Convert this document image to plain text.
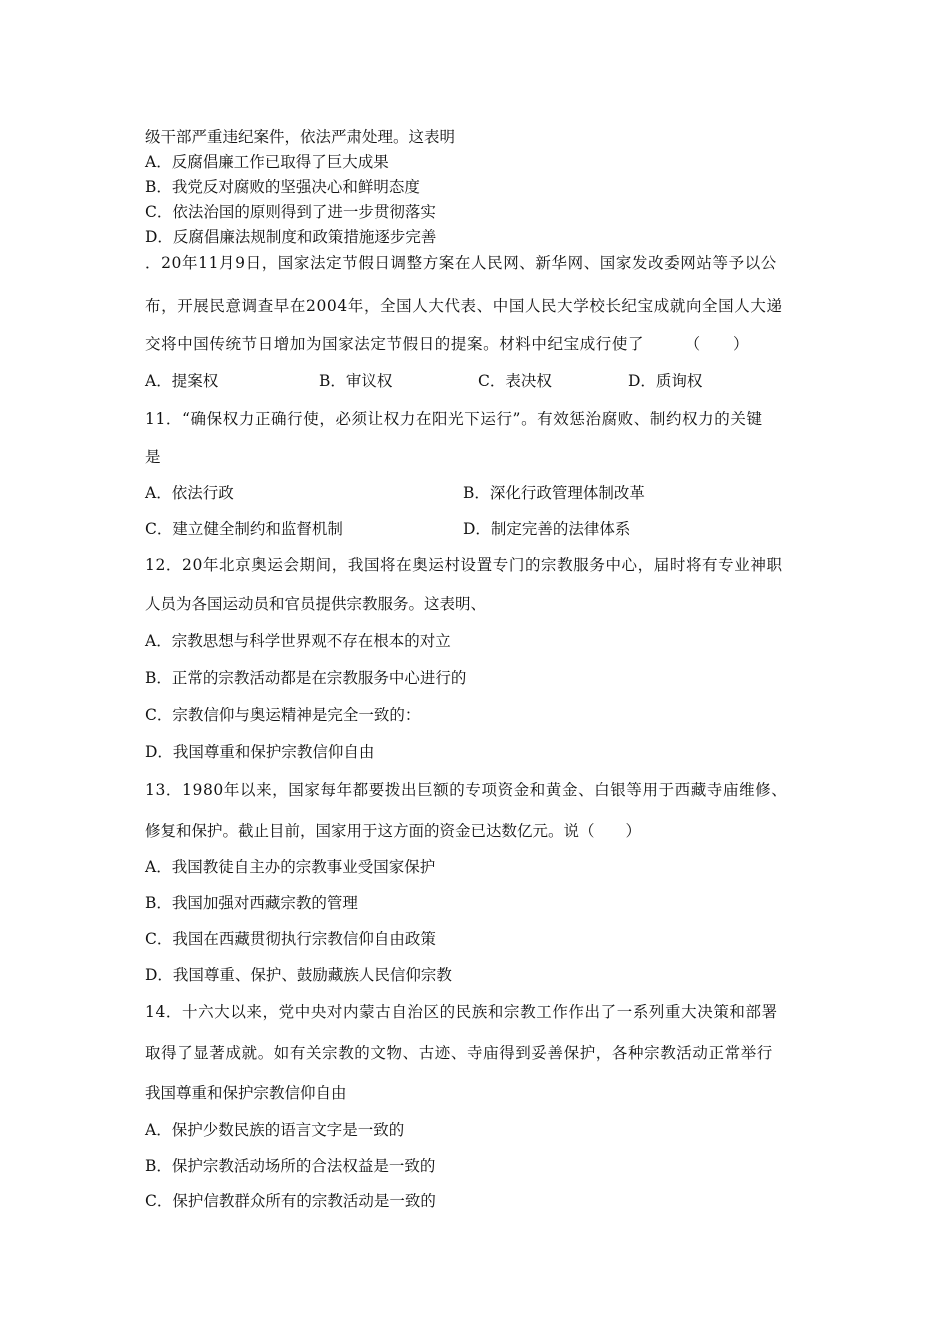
级干部严重违纪案件，依法严肃处理。这表明
A．反腐倡廉工作已取得了巨大成果
B．我党反对腐败的坚强决心和鲜明态度
C．依法治国的原则得到了进一步贯彻落实
D．反腐倡廉法规制度和政策措施逐步完善
．20年11月9日，国家法定节假日调整方案在人民网、新华网、国家发改委网站等予以公
布，开展民意调查早在2004年，全国人大代表、中国人民大学校长纪宝成就向全国人大递
交将中国传统节日增加为国家法定节假日的提案。材料中纪宝成行使了　　　（　　）
A．提案权	B．审议权	C．表决权	D．质询权
11．“确保权力正确行使，必须让权力在阳光下运行”。有效惩治腐败、制约权力的关键
是
A．依法行政	B．深化行政管理体制改革
C．建立健全制约和监督机制	D．制定完善的法律体系
12．20年北京奥运会期间，我国将在奥运村设置专门的宗教服务中心，届时将有专业神职
人员为各国运动员和官员提供宗教服务。这表明、
A．宗教思想与科学世界观不存在根本的对立
B．正常的宗教活动都是在宗教服务中心进行的
C．宗教信仰与奥运精神是完全一致的：
D．我国尊重和保护宗教信仰自由
13．1980年以来，国家每年都要拨出巨额的专项资金和黄金、白银等用于西藏寺庙维修、
修复和保护。截止目前，国家用于这方面的资金已达数亿元。说（　　）
A．我国教徒自主办的宗教事业受国家保护
B．我国加强对西藏宗教的管理
C．我国在西藏贯彻执行宗教信仰自由政策
D．我国尊重、保护、鼓励藏族人民信仰宗教
14．十六大以来，党中央对内蒙古自治区的民族和宗教工作作出了一系列重大决策和部署
取得了显著成就。如有关宗教的文物、古迹、寺庙得到妥善保护，各种宗教活动正常举行
我国尊重和保护宗教信仰自由
A．保护少数民族的语言文字是一致的
B．保护宗教活动场所的合法权益是一致的
C．保护信教群众所有的宗教活动是一致的
